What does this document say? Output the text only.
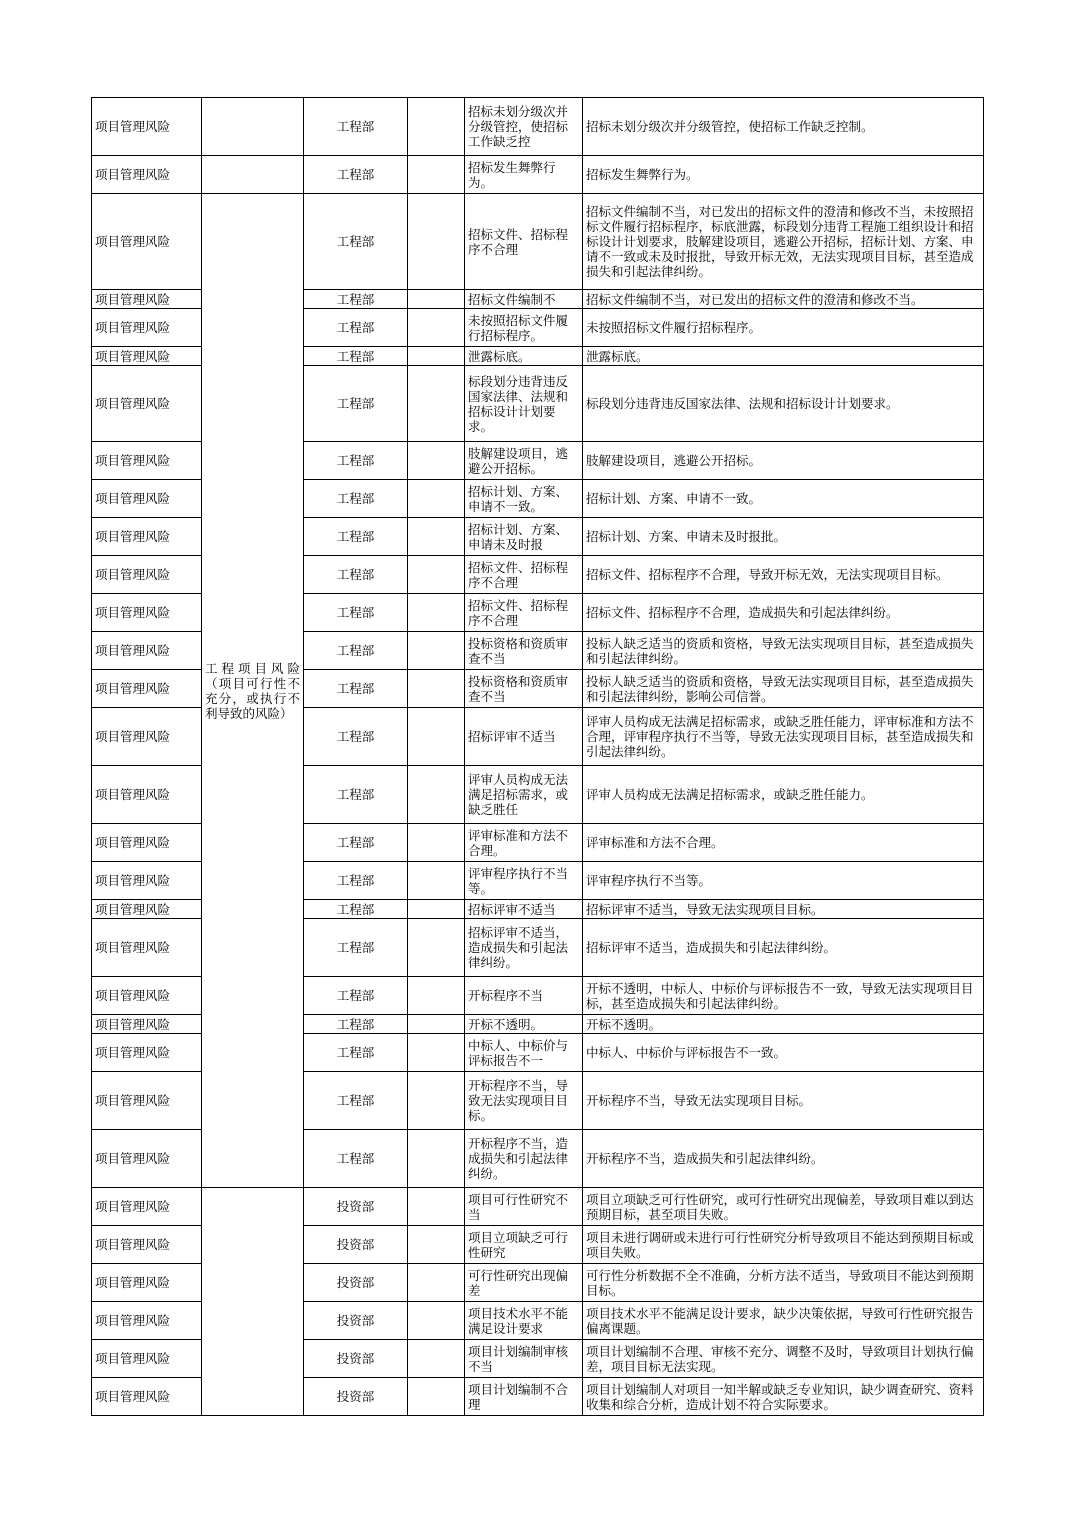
项目管理风险		工程部		招标未划分级次并分级管控，使招标工作缺乏控	招标未划分级次并分级管控，使招标工作缺乏控制。

项目管理风险		工程部		招标发生舞弊行为。	招标发生舞弊行为。

项目管理风险	工程项目风险（项目可行性不充分，或执行不利导致的风险）	工程部		招标文件、招标程序不合理	招标文件编制不当，对已发出的招标文件的澄清和修改不当，未按照招标文件履行招标程序，标底泄露，标段划分违背工程施工组织设计和招标设计计划要求，肢解建设项目，逃避公开招标，招标计划、方案、申请不一致或未及时报批，导致开标无效，无法实现项目目标，甚至造成损失和引起法律纠纷。

项目管理风险		工程部		招标文件编制不	招标文件编制不当，对已发出的招标文件的澄清和修改不当。

项目管理风险		工程部		未按照招标文件履行招标程序。	未按照招标文件履行招标程序。

项目管理风险		工程部		泄露标底。	泄露标底。

项目管理风险		工程部		标段划分违背违反国家法律、法规和招标设计计划要求。	标段划分违背违反国家法律、法规和招标设计计划要求。

项目管理风险		工程部		肢解建设项目，逃避公开招标。	肢解建设项目，逃避公开招标。

项目管理风险		工程部		招标计划、方案、申请不一致。	招标计划、方案、申请不一致。

项目管理风险		工程部		招标计划、方案、申请未及时报	招标计划、方案、申请未及时报批。

项目管理风险		工程部		招标文件、招标程序不合理	招标文件、招标程序不合理，导致开标无效，无法实现项目目标。

项目管理风险		工程部		招标文件、招标程序不合理	招标文件、招标程序不合理，造成损失和引起法律纠纷。

项目管理风险		工程部		投标资格和资质审查不当	投标人缺乏适当的资质和资格，导致无法实现项目目标，甚至造成损失和引起法律纠纷。

项目管理风险		工程部		投标资格和资质审查不当	投标人缺乏适当的资质和资格，导致无法实现项目目标，甚至造成损失和引起法律纠纷，影响公司信誉。

项目管理风险		工程部		招标评审不适当	评审人员构成无法满足招标需求，或缺乏胜任能力，评审标准和方法不合理，评审程序执行不当等，导致无法实现项目目标，甚至造成损失和引起法律纠纷。

项目管理风险		工程部		评审人员构成无法满足招标需求，或缺乏胜任	评审人员构成无法满足招标需求，或缺乏胜任能力。

项目管理风险		工程部		评审标准和方法不合理。	评审标准和方法不合理。

项目管理风险		工程部		评审程序执行不当等。	评审程序执行不当等。

项目管理风险		工程部		招标评审不适当	招标评审不适当，导致无法实现项目目标。

项目管理风险		工程部		招标评审不适当，造成损失和引起法律纠纷。	招标评审不适当，造成损失和引起法律纠纷。

项目管理风险		工程部		开标程序不当	开标不透明，中标人、中标价与评标报告不一致，导致无法实现项目目标，甚至造成损失和引起法律纠纷。

项目管理风险		工程部		开标不透明。	开标不透明。

项目管理风险		工程部		中标人、中标价与评标报告不一	中标人、中标价与评标报告不一致。

项目管理风险		工程部		开标程序不当，导致无法实现项目目标。	开标程序不当，导致无法实现项目目标。

项目管理风险		工程部		开标程序不当，造成损失和引起法律纠纷。	开标程序不当，造成损失和引起法律纠纷。

项目管理风险		投资部		项目可行性研究不当	项目立项缺乏可行性研究，或可行性研究出现偏差，导致项目难以到达预期目标，甚至项目失败。

项目管理风险		投资部		项目立项缺乏可行性研究	项目未进行调研或未进行可行性研究分析导致项目不能达到预期目标或项目失败。

项目管理风险		投资部		可行性研究出现偏差	可行性分析数据不全不准确，分析方法不适当，导致项目不能达到预期目标。

项目管理风险		投资部		项目技术水平不能满足设计要求	项目技术水平不能满足设计要求，缺少决策依据，导致可行性研究报告偏离课题。

项目管理风险		投资部		项目计划编制审核不当	项目计划编制不合理、审核不充分、调整不及时，导致项目计划执行偏差，项目目标无法实现。

项目管理风险		投资部		项目计划编制不合理	项目计划编制人对项目一知半解或缺乏专业知识，缺少调查研究、资料收集和综合分析，造成计划不符合实际要求。
